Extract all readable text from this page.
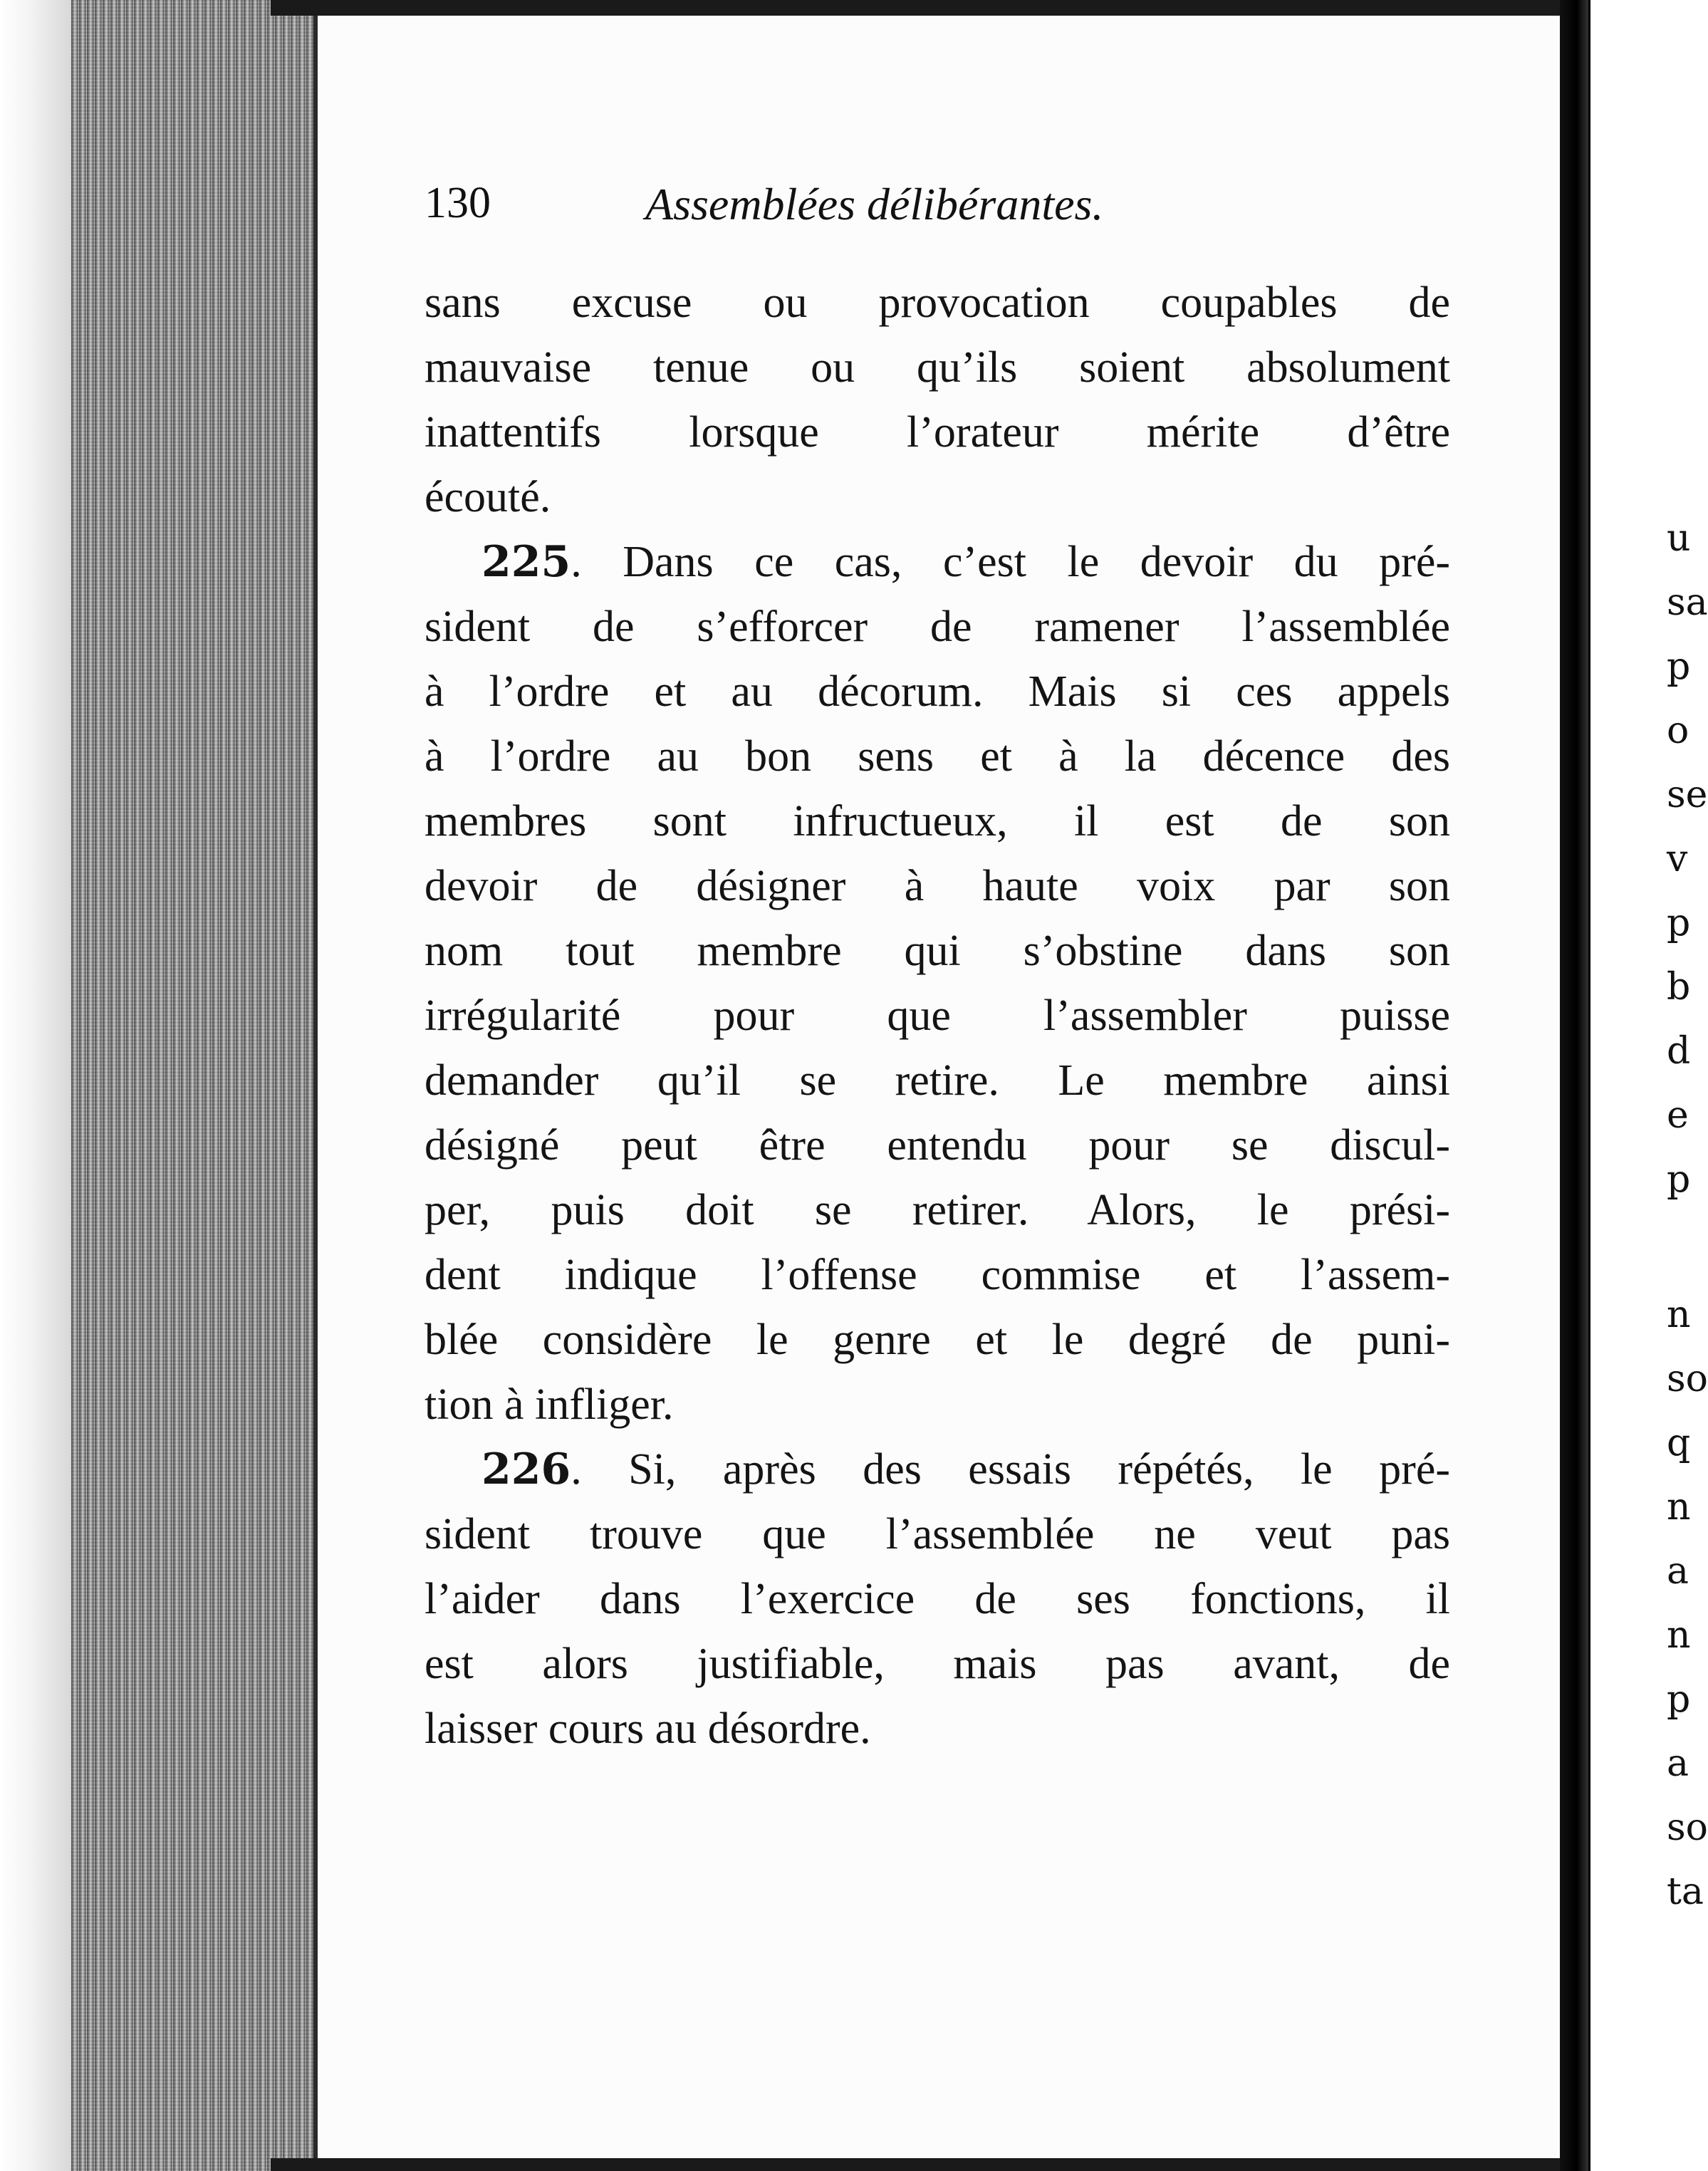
130	Assemblées délibérantes.
sans excuse ou provocation coupables de
mauvaise tenue ou qu’ils soient absolument
inattentifs lorsque l’orateur mérite d’être
écouté.
225. Dans ce cas, c’est le devoir du pré-
sident de s’efforcer de ramener l’assemblée
à l’ordre et au décorum. Mais si ces appels
à l’ordre au bon sens et à la décence des
membres sont infructueux, il est de son
devoir de désigner à haute voix par son
nom tout membre qui s’obstine dans son
irrégularité pour que l’assembler puisse
demander qu’il se retire. Le membre ainsi
désigné peut être entendu pour se discul-
per, puis doit se retirer. Alors, le prési-
dent indique l’offense commise et l’assem-
blée considère le genre et le degré de puni-
tion à infliger.
226. Si, après des essais répétés, le pré-
sident trouve que l’assemblée ne veut pas
l’aider dans l’exercice de ses fonctions, il
est alors justifiable, mais pas avant, de
laisser cours au désordre.
u
sa
p
o
se
v
p
b
d
e
p
n
so
q
n
a
n
p
a
so
ta
